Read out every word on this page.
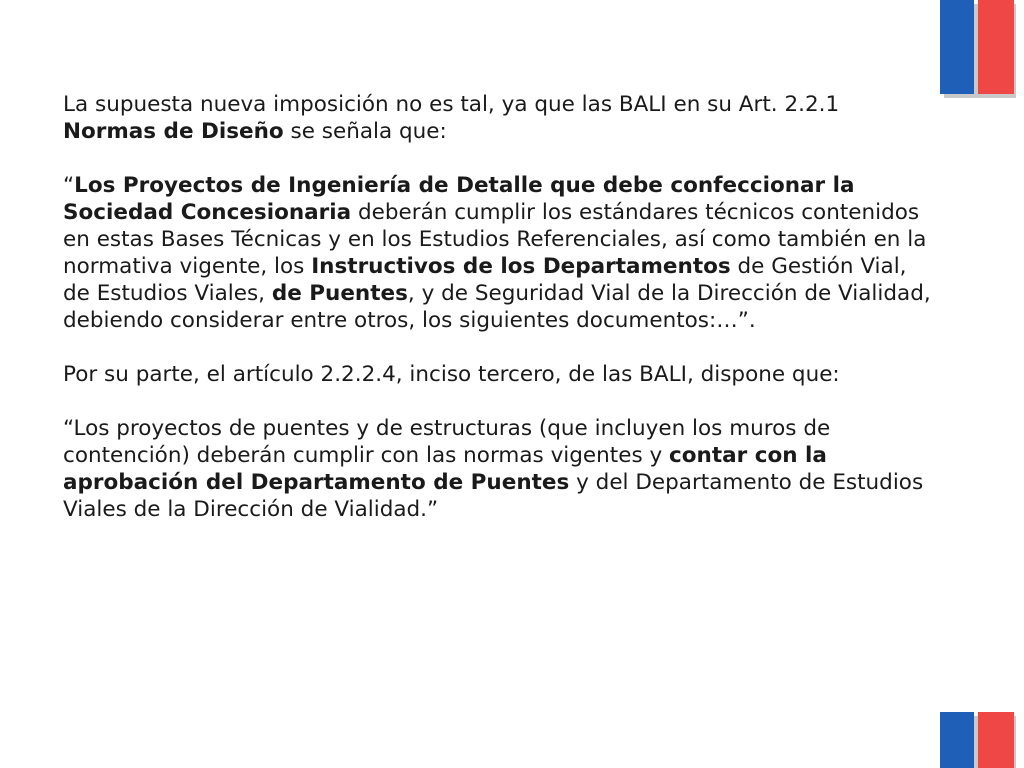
La supuesta nueva imposición no es tal, ya que las BALI en su Art. 2.2.1 Normas de Diseño se señala que:

“Los Proyectos de Ingeniería de Detalle que debe confeccionar la Sociedad Concesionaria deberán cumplir los estándares técnicos contenidos en estas Bases Técnicas y en los Estudios Referenciales, así como también en la normativa vigente, los Instructivos de los Departamentos de Gestión Vial, de Estudios Viales, de Puentes, y de Seguridad Vial de la Dirección de Vialidad, debiendo considerar entre otros, los siguientes documentos:…”.

Por su parte, el artículo 2.2.2.4, inciso tercero, de las BALI, dispone que:

“Los proyectos de puentes y de estructuras (que incluyen los muros de contención) deberán cumplir con las normas vigentes y contar con la aprobación del Departamento de Puentes y del Departamento de Estudios Viales de la Dirección de Vialidad.”
